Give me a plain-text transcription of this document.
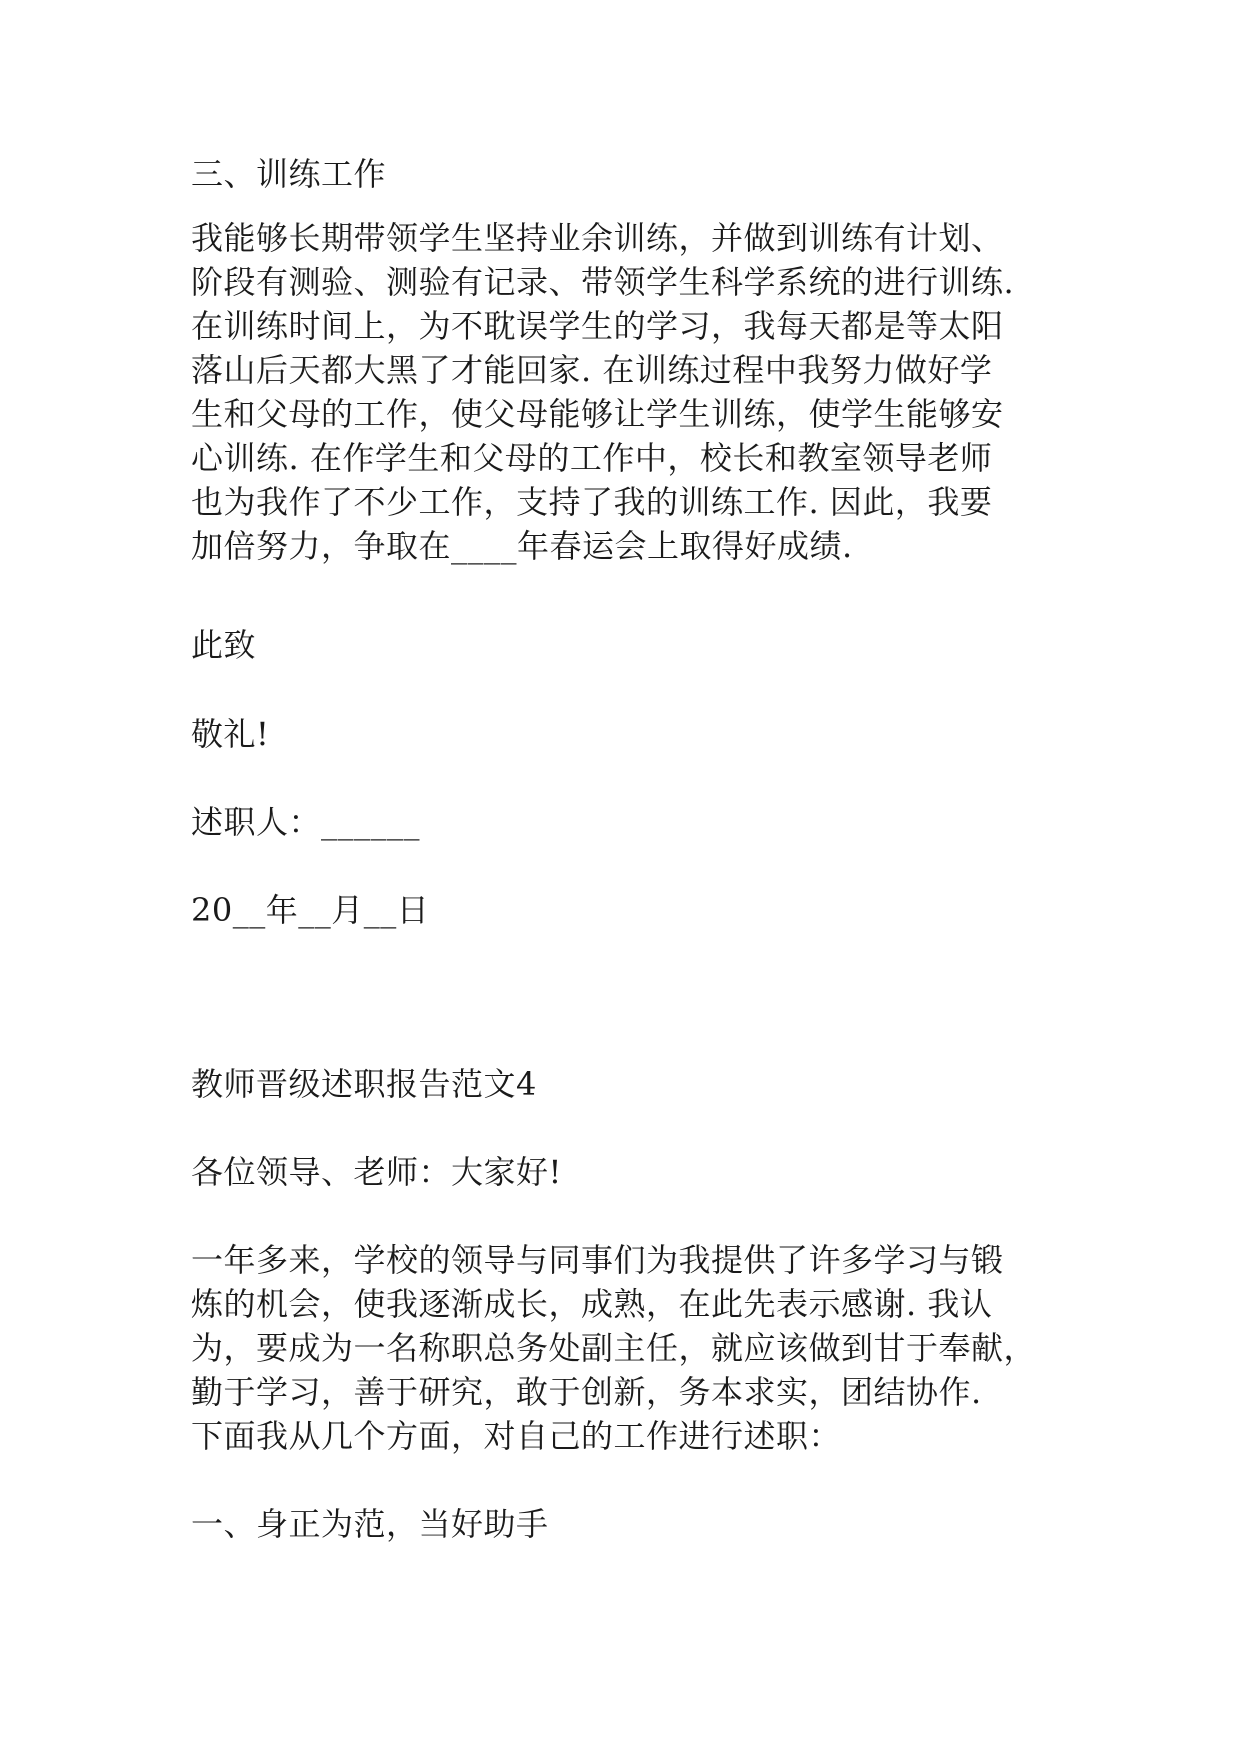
三、训练工作

我能够长期带领学生坚持业余训练，并做到训练有计划、

阶段有测验、测验有记录、带领学生科学系统的进行训练.

在训练时间上，为不耽误学生的学习，我每天都是等太阳

落山后天都大黑了才能回家. 在训练过程中我努力做好学

生和父母的工作，使父母能够让学生训练，使学生能够安

心训练. 在作学生和父母的工作中，校长和教室领导老师

也为我作了不少工作，支持了我的训练工作. 因此，我要

加倍努力，争取在____年春运会上取得好成绩.

此致

敬礼!

述职人：______

20__年__月__日

教师晋级述职报告范文4

各位领导、老师：大家好!

一年多来，学校的领导与同事们为我提供了许多学习与锻

炼的机会，使我逐渐成长，成熟，在此先表示感谢. 我认

为，要成为一名称职总务处副主任，就应该做到甘于奉献，

勤于学习，善于研究，敢于创新，务本求实，团结协作.

下面我从几个方面，对自己的工作进行述职：

一、身正为范，当好助手
